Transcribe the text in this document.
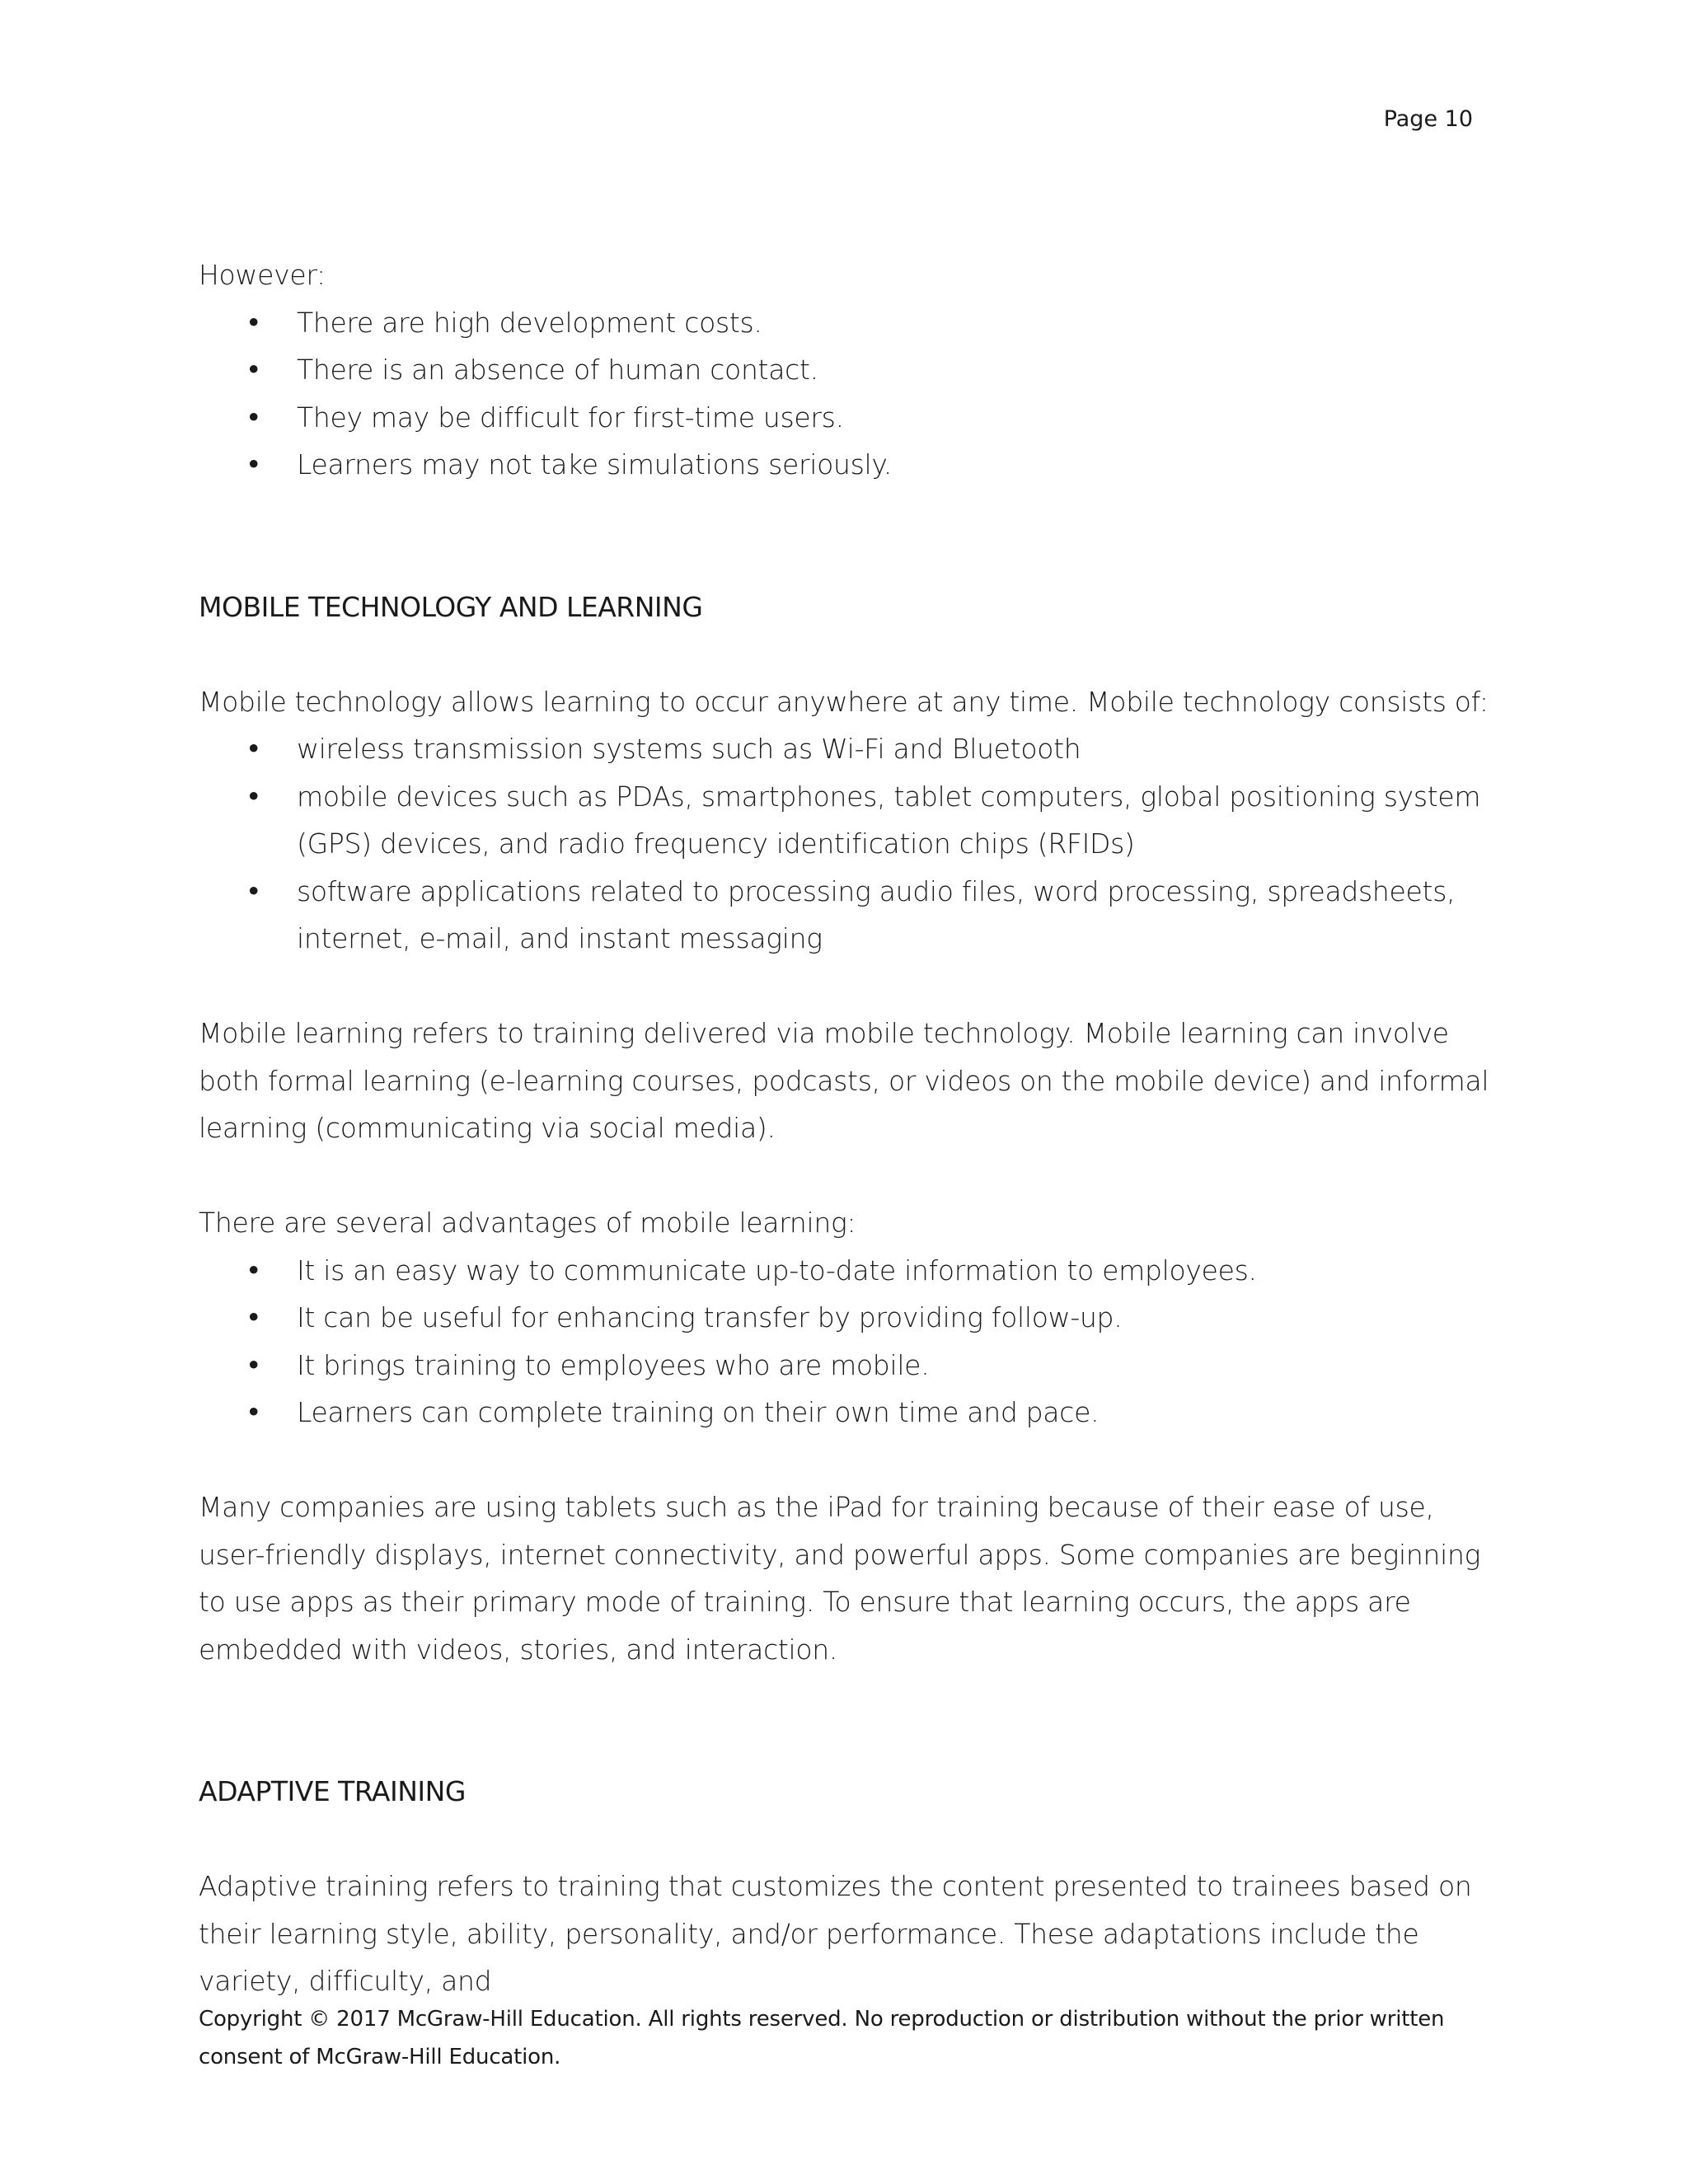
Page 10

However:

• There are high development costs.
• There is an absence of human contact.
• They may be difficult for first-time users.
• Learners may not take simulations seriously.

MOBILE TECHNOLOGY AND LEARNING

Mobile technology allows learning to occur anywhere at any time. Mobile technology consists of:

• wireless transmission systems such as Wi-Fi and Bluetooth
• mobile devices such as PDAs, smartphones, tablet computers, global positioning system (GPS) devices, and radio frequency identification chips (RFIDs)
• software applications related to processing audio files, word processing, spreadsheets, internet, e-mail, and instant messaging

Mobile learning refers to training delivered via mobile technology. Mobile learning can involve both formal learning (e-learning courses, podcasts, or videos on the mobile device) and informal learning (communicating via social media).

There are several advantages of mobile learning:

• It is an easy way to communicate up-to-date information to employees.
• It can be useful for enhancing transfer by providing follow-up.
• It brings training to employees who are mobile.
• Learners can complete training on their own time and pace.

Many companies are using tablets such as the iPad for training because of their ease of use, user-friendly displays, internet connectivity, and powerful apps. Some companies are beginning to use apps as their primary mode of training. To ensure that learning occurs, the apps are embedded with videos, stories, and interaction.

ADAPTIVE TRAINING

Adaptive training refers to training that customizes the content presented to trainees based on their learning style, ability, personality, and/or performance. These adaptations include the variety, difficulty, and

Copyright © 2017 McGraw-Hill Education. All rights reserved. No reproduction or distribution without the prior written consent of McGraw-Hill Education.
